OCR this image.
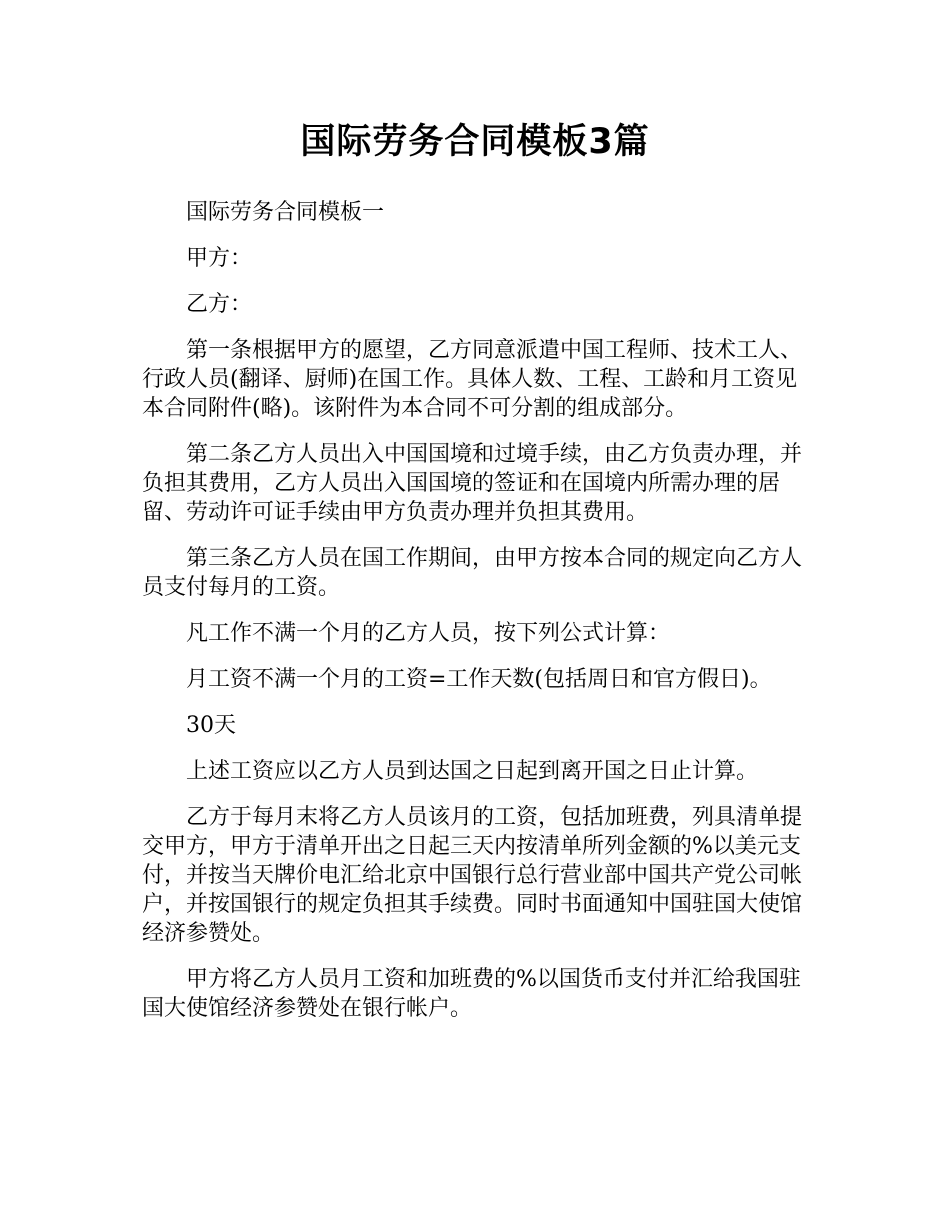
国际劳务合同模板3篇

国际劳务合同模板一

甲方：

乙方：

第一条根据甲方的愿望，乙方同意派遣中国工程师、技术工人、行政人员(翻译、厨师)在国工作。具体人数、工程、工龄和月工资见本合同附件(略)。该附件为本合同不可分割的组成部分。

第二条乙方人员出入中国国境和过境手续，由乙方负责办理，并负担其费用，乙方人员出入国国境的签证和在国境内所需办理的居留、劳动许可证手续由甲方负责办理并负担其费用。

第三条乙方人员在国工作期间，由甲方按本合同的规定向乙方人员支付每月的工资。

凡工作不满一个月的乙方人员，按下列公式计算：

月工资不满一个月的工资=工作天数(包括周日和官方假日)。

30天

上述工资应以乙方人员到达国之日起到离开国之日止计算。

乙方于每月末将乙方人员该月的工资，包括加班费，列具清单提交甲方，甲方于清单开出之日起三天内按清单所列金额的%以美元支付，并按当天牌价电汇给北京中国银行总行营业部中国共产党公司帐户，并按国银行的规定负担其手续费。同时书面通知中国驻国大使馆经济参赞处。

甲方将乙方人员月工资和加班费的%以国货币支付并汇给我国驻国大使馆经济参赞处在银行帐户。
